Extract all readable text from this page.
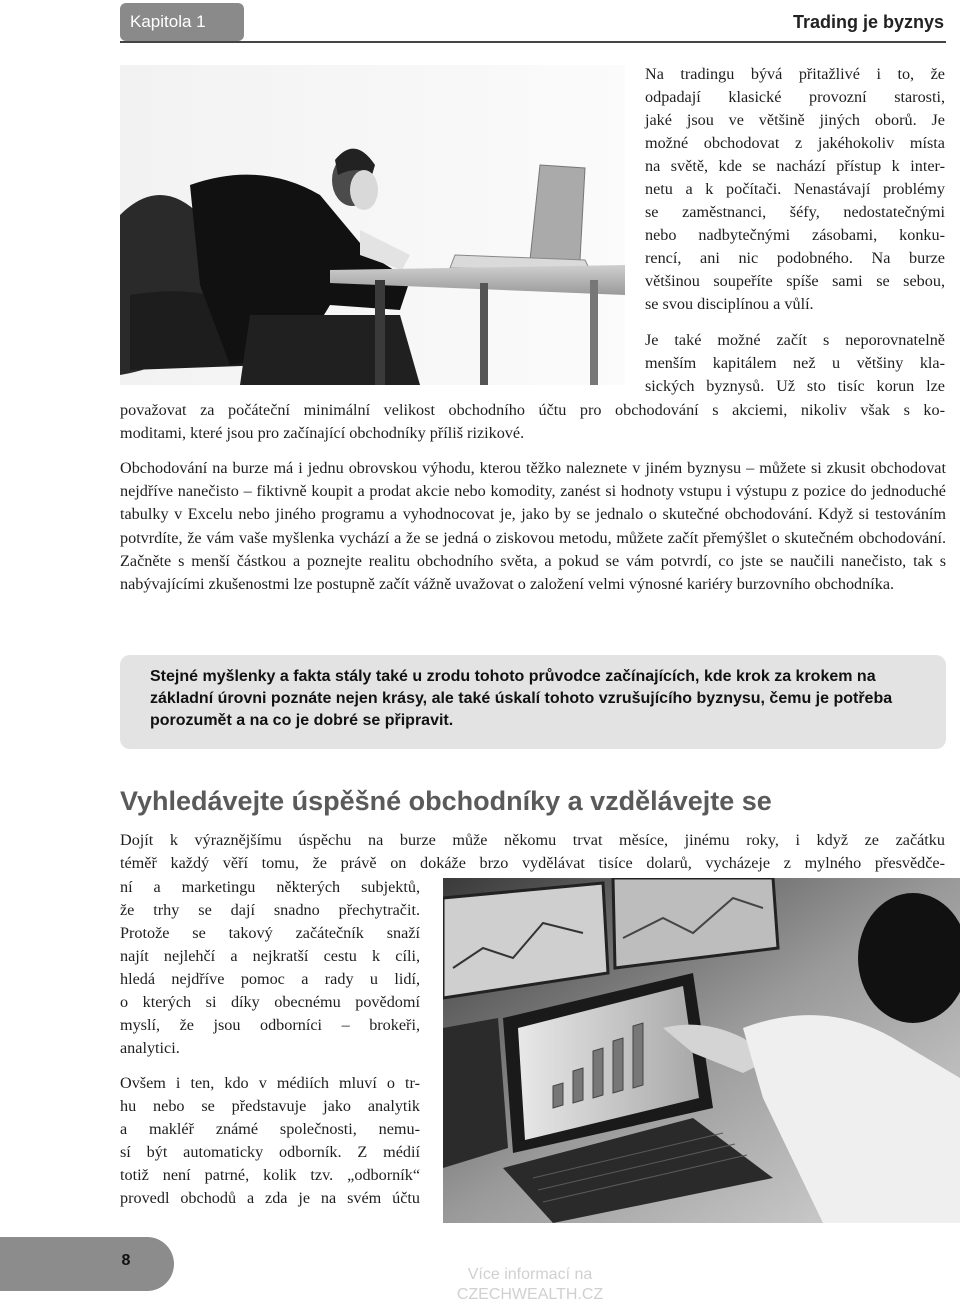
Kapitola 1	Trading je byznys
Na tradingu bývá přitažlivé i to, že
odpadají klasické provozní starosti,
jaké jsou ve většině jiných oborů. Je
možné obchodovat z jakéhokoliv místa
na světě, kde se nachází přístup k inter-
netu a k počítači. Nenastávají problémy
se zaměstnanci, šéfy, nedostatečnými
nebo nadbytečnými zásobami, konku-
rencí, ani nic podobného. Na burze
většinou soupeříte spíše sami se sebou,
se svou disciplínou a vůlí.
Je také možné začít s neporovnatelně
menším kapitálem než u většiny kla-
sických byznysů. Už sto tisíc korun lze
považovat za počáteční minimální velikost obchodního účtu pro obchodování s akciemi, nikoliv však s ko-
moditami, které jsou pro začínající obchodníky příliš rizikové.

Obchodování na burze má i jednu obrovskou výhodu, kterou těžko naleznete v jiném byznysu – můžete si zkusit obchodovat nejdříve nanečisto – fiktivně koupit a prodat akcie nebo komodity, zanést si hodnoty vstupu i výstupu z pozice do jednoduché tabulky v Excelu nebo jiného programu a vyhodnocovat je, jako by se jednalo o skutečné obchodování. Když si testováním potvrdíte, že vám vaše myšlenka vychází a že se jedná o ziskovou metodu, můžete začít přemýšlet o skutečném obchodování. Začněte s menší částkou a poznejte realitu obchodního světa, a pokud se vám potvrdí, co jste se naučili nanečisto, tak s nabývajícími zkušenostmi lze postupně začít vážně uvažovat o založení velmi výnosné kariéry burzovního obchodníka.

Stejné myšlenky a fakta stály také u zrodu tohoto průvodce začínajících, kde krok za krokem na základní úrovni poznáte nejen krásy, ale také úskalí tohoto vzrušujícího byznysu, čemu je potřeba porozumět a na co je dobré se připravit.

Vyhledávejte úspěšné obchodníky a vzdělávejte se
Dojít k výraznějšímu úspěchu na burze může někomu trvat měsíce, jinému roky, i když ze začátku
téměř každý věří tomu, že právě on dokáže brzo vydělávat tisíce dolarů, vycházeje z mylného přesvědče-
ní a marketingu některých subjektů,
že trhy se dají snadno přechytračit.
Protože se takový začátečník snaží
najít nejlehčí a nejkratší cestu k cíli,
hledá nejdříve pomoc a rady u lidí,
o kterých si díky obecnému povědomí
myslí, že jsou odborníci – brokeři,
analytici.
Ovšem i ten, kdo v médiích mluví o tr-
hu nebo se představuje jako analytik
a makléř známé společnosti, nemu-
sí být automaticky odborník. Z médií
totiž není patrné, kolik tzv. „odborník“
provedl obchodů a zda je na svém účtu
8
Více informací na
CZECHWEALTH.CZ
